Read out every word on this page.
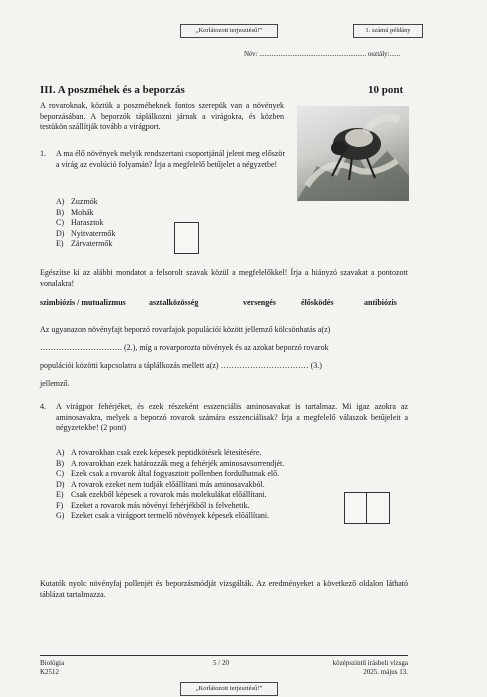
„Korlátozott terjesztésű!”	1. számú példány
Név: ............................................................. osztály:......
III. A poszméhek és a beporzás	10 pont
A rovaroknak, köztük a poszméheknek fontos szerepük van a növények beporzásában. A beporzók táplálkozni járnak a virágokra, és közben testükön szállítják tovább a virágport.
1. A ma élő növények melyik rendszertani csoportjánál jelent meg először a virág az evolúció folyamán? Írja a megfelelő betűjelet a négyzetbe!
A) Zuzmók
B) Mohák
C) Harasztok
D) Nyitvatermők
E) Zárvatermők
Egészítse ki az alábbi mondatot a felsorolt szavak közül a megfelelőkkel! Írja a hiányzó szavakat a pontozott vonalakra!
szimbiózis / mutualizmus	asztalközösség	versengés	élősködés	antibiózis
Az ugyanazon növényfajt beporzó rovarfajok populációi között jellemző kölcsönhatás a(z)
…………………………. (2.), míg a rovarporozta növények és az azokat beporzó rovarok
populációi közötti kapcsolatra a táplálkozás mellett a(z) …………………………… (3.)
jellemző.
4. A virágpor fehérjéket, és ezek részeként esszenciális aminosavakat is tartalmaz. Mi igaz azokra az aminosavakra, melyek a beporzó rovarok számára esszenciálisak? Írja a megfelelő válaszok betűjeleit a négyzetekbe! (2 pont)
A) A rovarokban csak ezek képesek peptidkötések létesítésére.
B) A rovarokban ezek határozzák meg a fehérjék aminosavsorrendjét.
C) Ezek csak a rovarok által fogyasztott pollenben fordulhatnak elő.
D) A rovarok ezeket nem tudják előállítani más aminosavakból.
E) Csak ezekből képesek a rovarok más molekulákat előállítani.
F) Ezeket a rovarok más növényi fehérjékből is felvehetik.
G) Ezeket csak a virágport termelő növények képesek előállítani.
Kutatók nyolc növényfaj pollenjét és beporzásmódját vizsgálták. Az eredményeket a következő oldalon látható táblázat tartalmazza.
Biológia
K2512
5 / 20	középszintű írásbeli vizsga
2025. május 13.
„Korlátozott terjesztésű!”
